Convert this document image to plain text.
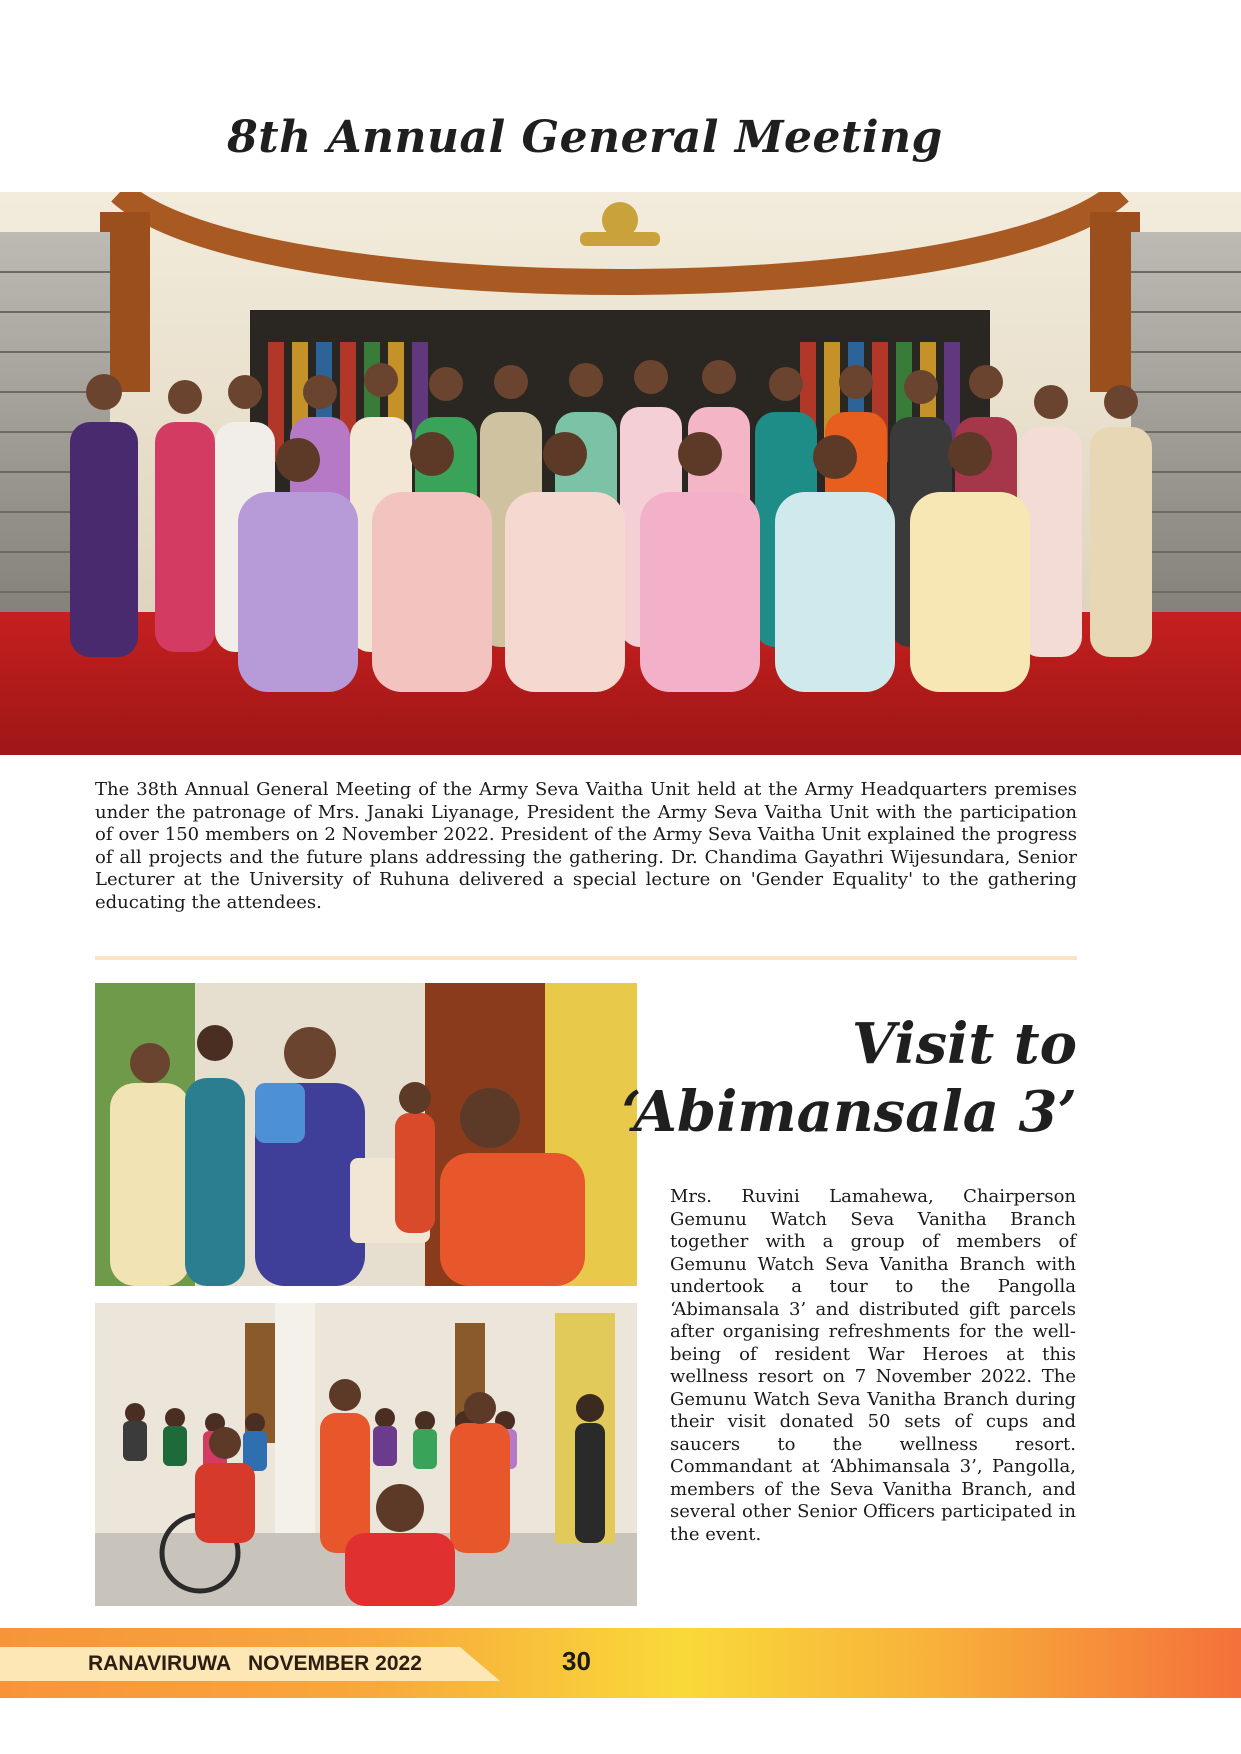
8th Annual General Meeting
The 38th Annual General Meeting of the Army Seva Vaitha Unit held at the Army Headquarters premises under the patronage of Mrs. Janaki Liyanage, President the Army Seva Vaitha Unit with the participation of over 150 members on 2 November 2022. President of the Army Seva Vaitha Unit explained the progress of all projects and the future plans addressing the gathering. Dr. Chandima Gayathri Wijesundara, Senior Lecturer at the University of Ruhuna delivered a special lecture on 'Gender Equality' to the gathering educating the attendees.
Visit to
‘Abimansala 3’
Mrs. Ruvini Lamahewa, Chairperson Gemunu Watch Seva Vanitha Branch together with a group of members of Gemunu Watch Seva Vanitha Branch with undertook a tour to the Pangolla ‘Abimansala 3’ and distributed gift parcels after organising refreshments for the well-being of resident War Heroes at this wellness resort on 7 November 2022. The Gemunu Watch Seva Vanitha Branch during their visit donated 50 sets of cups and saucers to the wellness resort. Commandant at ‘Abhimansala 3’, Pangolla, members of the Seva Vanitha Branch, and several other Senior Officers participated in the event.
RANAVIRUWA NOVEMBER 2022	30
